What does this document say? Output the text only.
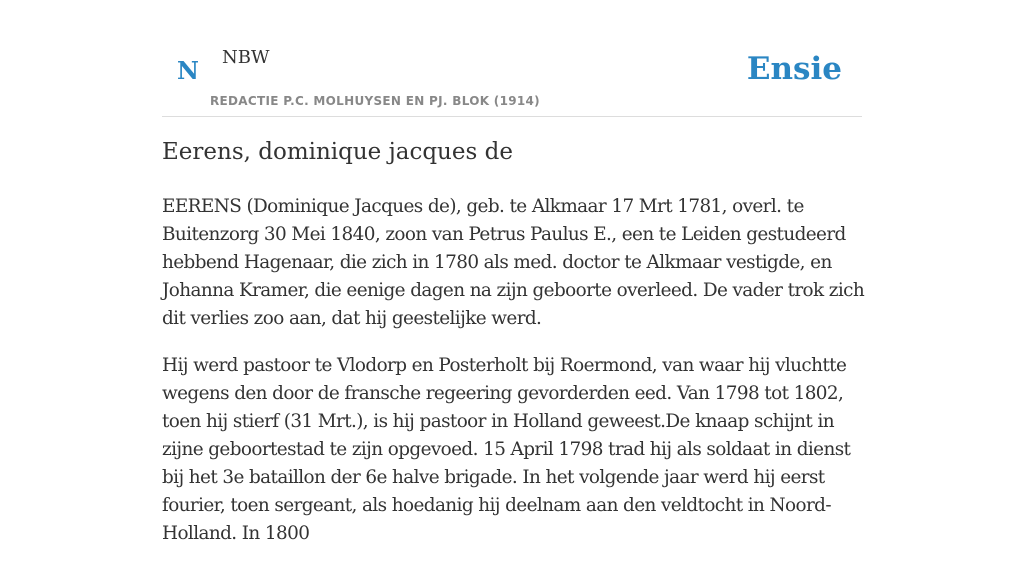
N NBW
REDACTIE P.C. MOLHUYSEN EN PJ. BLOK (1914)
Ensie
Eerens, dominique jacques de

EERENS (Dominique Jacques de), geb. te Alkmaar 17 Mrt 1781, overl. te Buitenzorg 30 Mei 1840, zoon van Petrus Paulus E., een te Leiden gestudeerd hebbend Hagenaar, die zich in 1780 als med. doctor te Alkmaar vestigde, en Johanna Kramer, die eenige dagen na zijn geboorte overleed. De vader trok zich dit verlies zoo aan, dat hij geestelijke werd.

Hij werd pastoor te Vlodorp en Posterholt bij Roermond, van waar hij vluchtte wegens den door de fransche regeering gevorderden eed. Van 1798 tot 1802, toen hij stierf (31 Mrt.), is hij pastoor in Holland geweest.De knaap schijnt in zijne geboortestad te zijn opgevoed. 15 April 1798 trad hij als soldaat in dienst bij het 3e bataillon der 6e halve brigade. In het volgende jaar werd hij eerst fourier, toen sergeant, als hoedanig hij deelnam aan den veldtocht in Noord-Holland. In 1800
